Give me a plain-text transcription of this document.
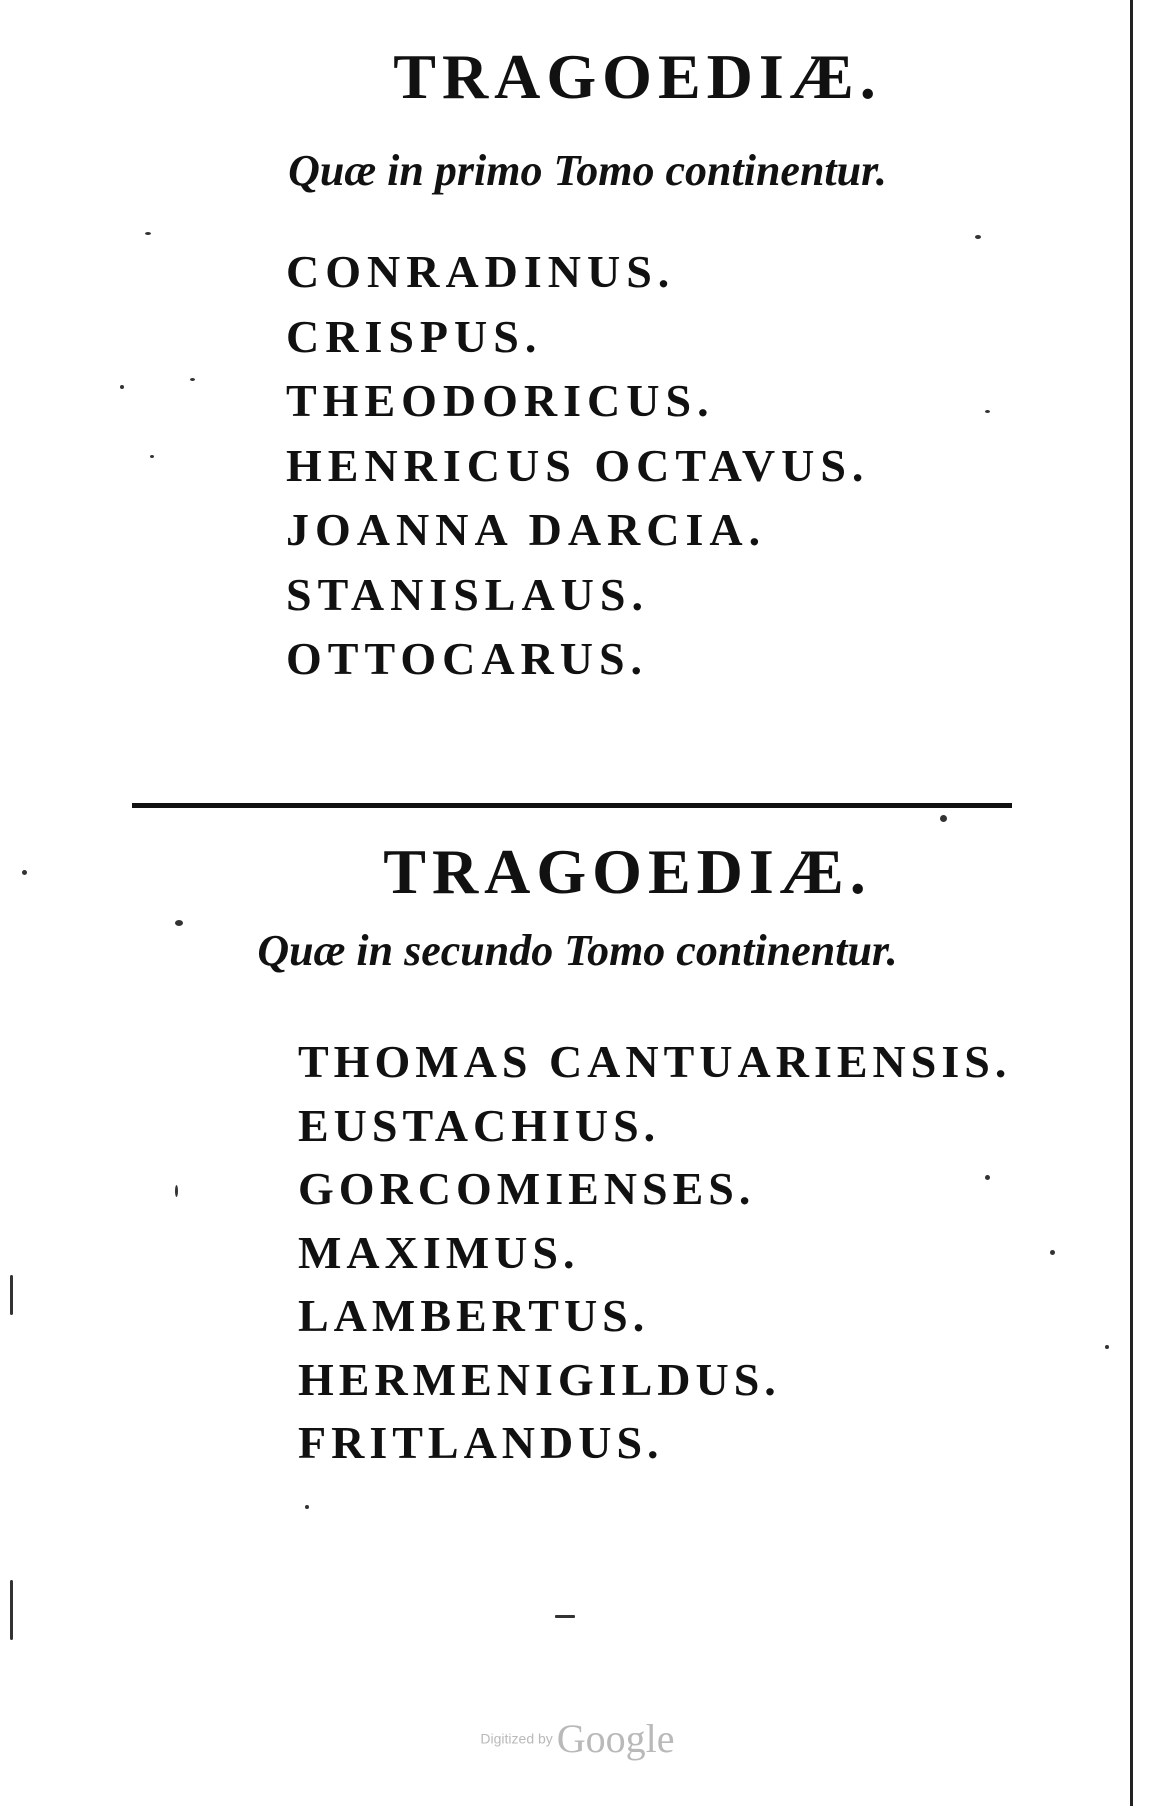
TRAGOEDIÆ.
Quæ in primo Tomo continentur.
CONRADINUS.
CRISPUS.
THEODORICUS.
HENRICUS OCTAVUS.
JOANNA DARCIA.
STANISLAUS.
OTTOCARUS.
TRAGOEDIÆ.
Quæ in secundo Tomo continentur.
THOMAS CANTUARIENSIS.
EUSTACHIUS.
GORCOMIENSES.
MAXIMUS.
LAMBERTUS.
HERMENIGILDUS.
FRITLANDUS.
Digitized by Google
